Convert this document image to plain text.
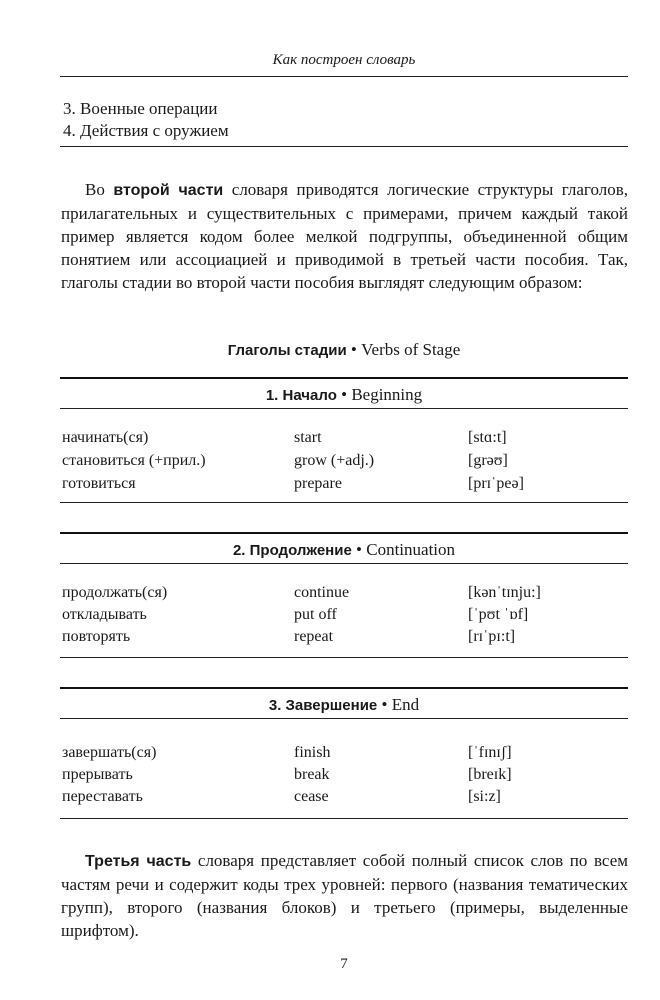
Как построен словарь
3. Военные операции
4. Действия с оружием
Во второй части словаря приводятся логические структуры глаголов, прилагательных и существительных с примерами, причем каждый такой пример является кодом более мелкой подгруппы, объединенной общим понятием или ассоциацией и приводимой в третьей части пособия. Так, глаголы стадии во второй части пособия выглядят следующим образом:
Глаголы стадии • Verbs of Stage
1. Начало • Beginning
начинать(ся)	start	[stɑ:t]
становиться (+прил.)	grow (+adj.)	[grəʊ]
готовиться	prepare	[prɪˈpeə]
2. Продолжение • Continuation
продолжать(ся)	continue	[kənˈtɪnju:]
откладывать	put off	[ˈpʊt ˈɒf]
повторять	repeat	[rɪˈpɪ:t]
3. Завершение • End
завершать(ся)	finish	[ˈfɪnɪʃ]
прерывать	break	[breɪk]
переставать	cease	[si:z]
Третья часть словаря представляет собой полный список слов по всем частям речи и содержит коды трех уровней: первого (названия тематических групп), второго (названия блоков) и третьего (примеры, выделенные шрифтом).
7
